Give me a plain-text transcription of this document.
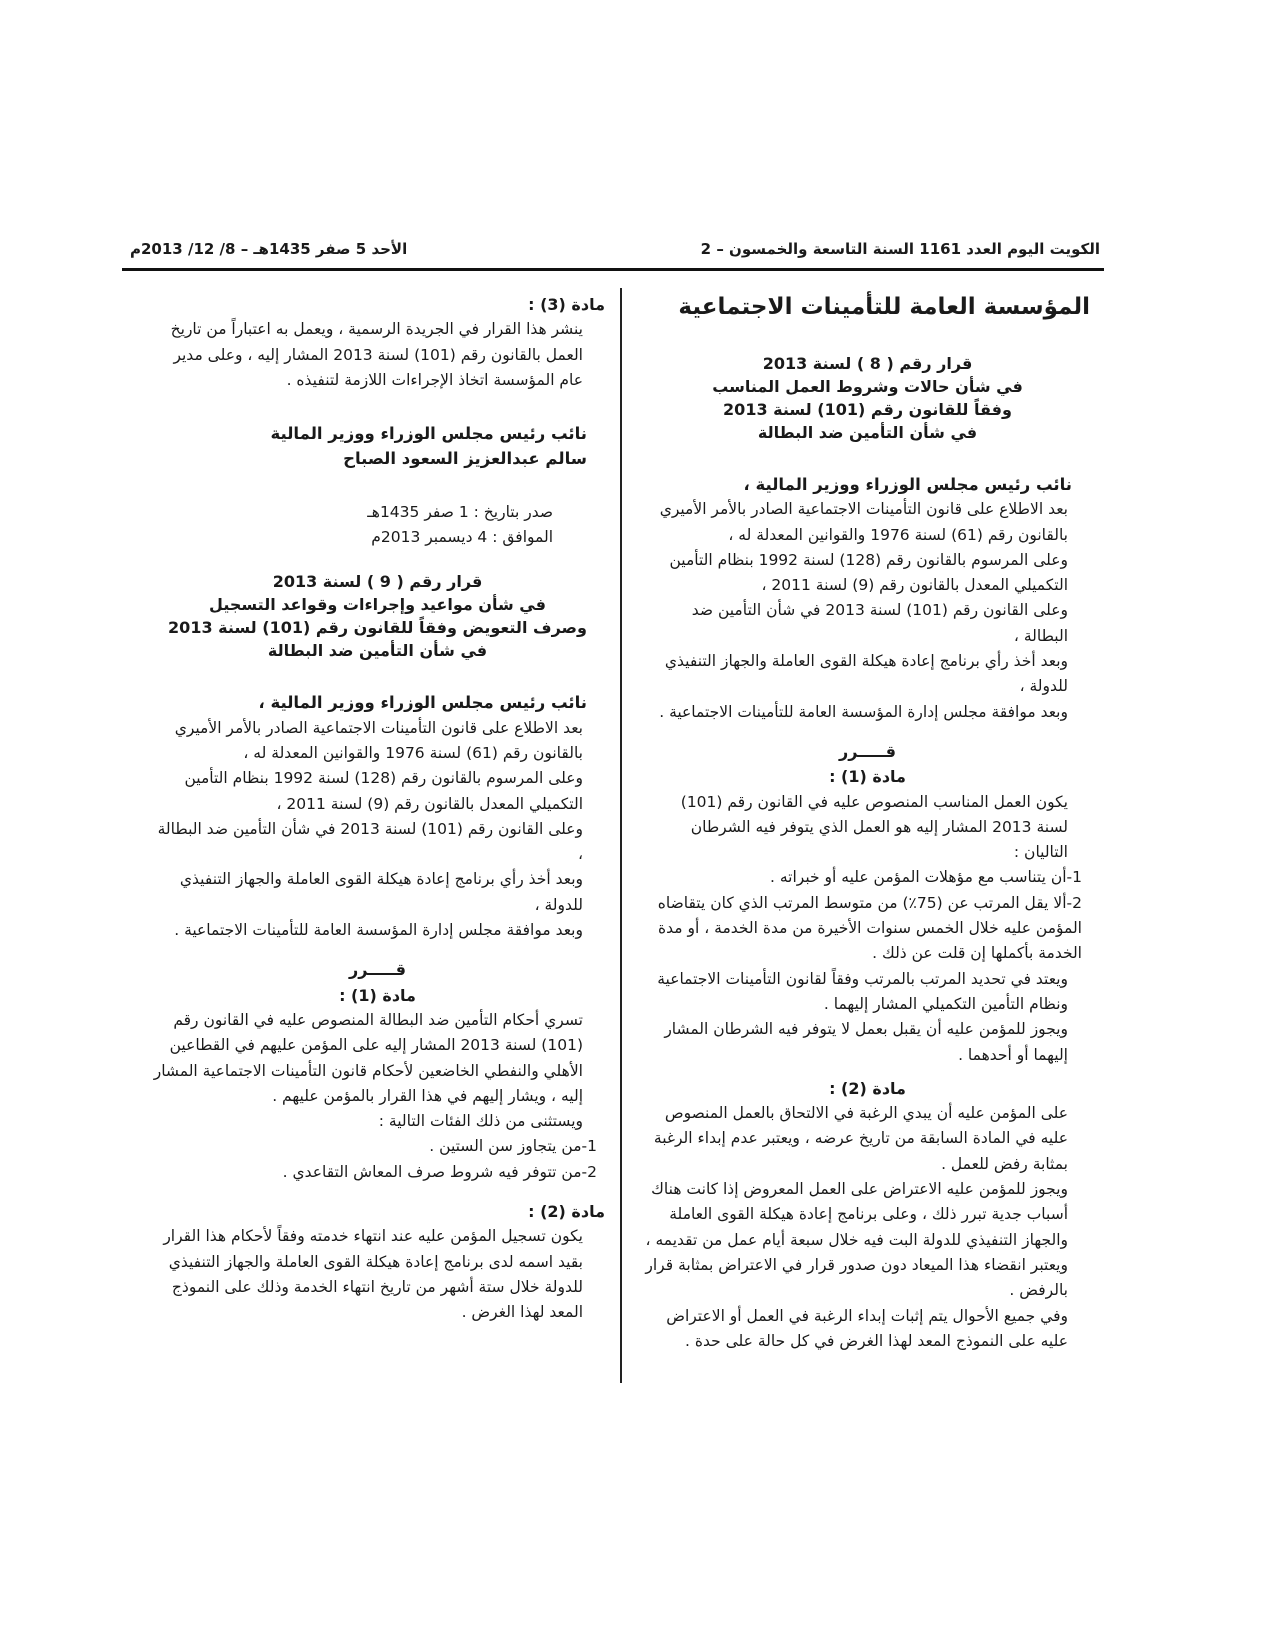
الكويت اليوم العدد 1161 السنة التاسعة والخمسون – 2
الأحد 5 صفر 1435هـ – 8/ 12/ 2013م

المؤسسة العامة للتأمينات الاجتماعية

قرار رقم ( 8 ) لسنة 2013

في شأن حالات وشروط العمل المناسب

وفقاً للقانون رقم (101) لسنة 2013

في شأن التأمين ضد البطالة

نائب رئيس مجلس الوزراء ووزير المالية ،

بعد الاطلاع على قانون التأمينات الاجتماعية الصادر بالأمر الأميري بالقانون رقم (61) لسنة 1976 والقوانين المعدلة له ،

وعلى المرسوم بالقانون رقم (128) لسنة 1992 بنظام التأمين التكميلي المعدل بالقانون رقم (9) لسنة 2011 ،

وعلى القانون رقم (101) لسنة 2013 في شأن التأمين ضد البطالة ،

وبعد أخذ رأي برنامج إعادة هيكلة القوى العاملة والجهاز التنفيذي للدولة ،

وبعد موافقة مجلس إدارة المؤسسة العامة للتأمينات الاجتماعية .

قـــــرر

مادة (1) :

يكون العمل المناسب المنصوص عليه في القانون رقم (101) لسنة 2013 المشار إليه هو العمل الذي يتوفر فيه الشرطان التاليان :

1-أن يتناسب مع مؤهلات المؤمن عليه أو خبراته .

2-ألا يقل المرتب عن (75٪) من متوسط المرتب الذي كان يتقاضاه المؤمن عليه خلال الخمس سنوات الأخيرة من مدة الخدمة ، أو مدة الخدمة بأكملها إن قلت عن ذلك .

ويعتد في تحديد المرتب بالمرتب وفقاً لقانون التأمينات الاجتماعية ونظام التأمين التكميلي المشار إليهما .

ويجوز للمؤمن عليه أن يقبل بعمل لا يتوفر فيه الشرطان المشار إليهما أو أحدهما .

مادة (2) :

على المؤمن عليه أن يبدي الرغبة في الالتحاق بالعمل المنصوص عليه في المادة السابقة من تاريخ عرضه ، ويعتبر عدم إبداء الرغبة بمثابة رفض للعمل .

ويجوز للمؤمن عليه الاعتراض على العمل المعروض إذا كانت هناك أسباب جدية تبرر ذلك ، وعلى برنامج إعادة هيكلة القوى العاملة والجهاز التنفيذي للدولة البت فيه خلال سبعة أيام عمل من تقديمه ، ويعتبر انقضاء هذا الميعاد دون صدور قرار في الاعتراض بمثابة قرار بالرفض .

وفي جميع الأحوال يتم إثبات إبداء الرغبة في العمل أو الاعتراض عليه على النموذج المعد لهذا الغرض في كل حالة على حدة .

مادة (3) :

ينشر هذا القرار في الجريدة الرسمية ، ويعمل به اعتباراً من تاريخ العمل بالقانون رقم (101) لسنة 2013 المشار إليه ، وعلى مدير عام المؤسسة اتخاذ الإجراءات اللازمة لتنفيذه .

نائب رئيس مجلس الوزراء ووزير المالية

سالم عبدالعزيز السعود الصباح

صدر بتاريخ : 1 صفر 1435هـ

الموافق : 4 ديسمبر 2013م

قرار رقم ( 9 ) لسنة 2013

في شأن مواعيد وإجراءات وقواعد التسجيل

وصرف التعويض وفقاً للقانون رقم (101) لسنة 2013

في شأن التأمين ضد البطالة

نائب رئيس مجلس الوزراء ووزير المالية ،

بعد الاطلاع على قانون التأمينات الاجتماعية الصادر بالأمر الأميري بالقانون رقم (61) لسنة 1976 والقوانين المعدلة له ،

وعلى المرسوم بالقانون رقم (128) لسنة 1992 بنظام التأمين التكميلي المعدل بالقانون رقم (9) لسنة 2011 ،

وعلى القانون رقم (101) لسنة 2013 في شأن التأمين ضد البطالة ،

وبعد أخذ رأي برنامج إعادة هيكلة القوى العاملة والجهاز التنفيذي للدولة ،

وبعد موافقة مجلس إدارة المؤسسة العامة للتأمينات الاجتماعية .

قـــــرر

مادة (1) :

تسري أحكام التأمين ضد البطالة المنصوص عليه في القانون رقم (101) لسنة 2013 المشار إليه على المؤمن عليهم في القطاعين الأهلي والنفطي الخاضعين لأحكام قانون التأمينات الاجتماعية المشار إليه ، ويشار إليهم في هذا القرار بالمؤمن عليهم .

ويستثنى من ذلك الفئات التالية :

1-من يتجاوز سن الستين .

2-من تتوفر فيه شروط صرف المعاش التقاعدي .

مادة (2) :

يكون تسجيل المؤمن عليه عند انتهاء خدمته وفقاً لأحكام هذا القرار بقيد اسمه لدى برنامج إعادة هيكلة القوى العاملة والجهاز التنفيذي للدولة خلال ستة أشهر من تاريخ انتهاء الخدمة وذلك على النموذج المعد لهذا الغرض .
